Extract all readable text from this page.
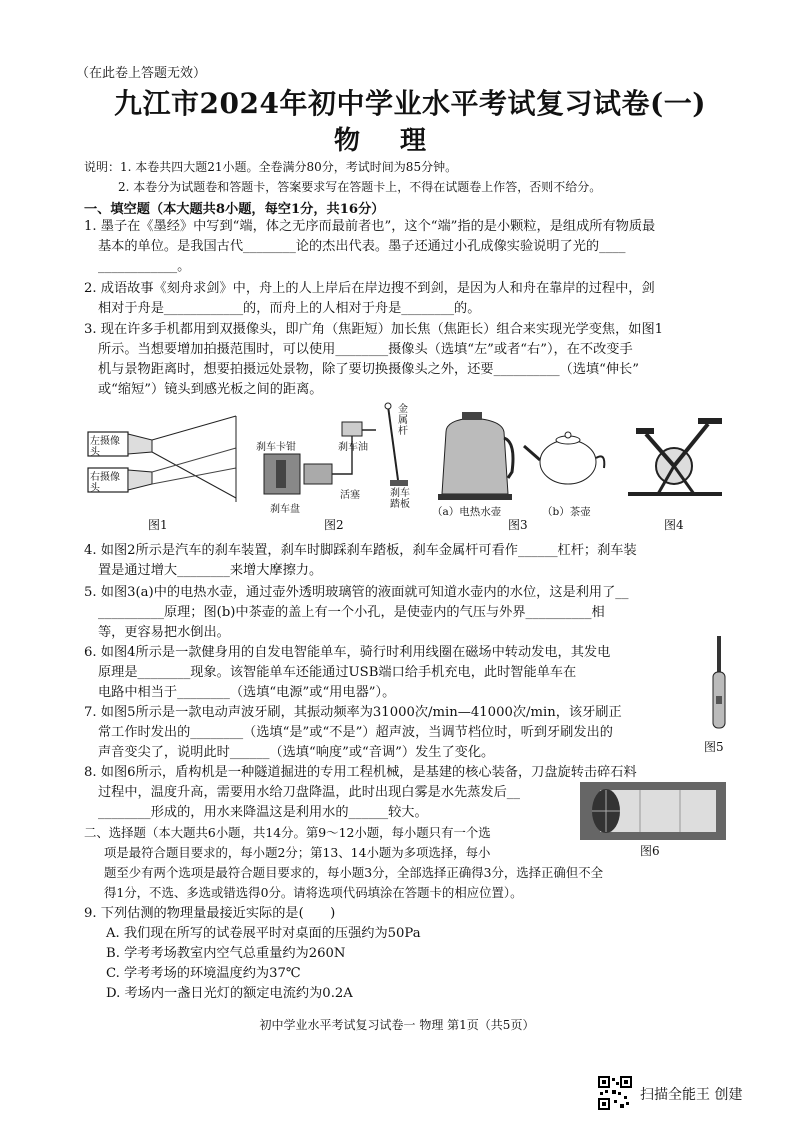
（在此卷上答题无效）
九江市2024年初中学业水平考试复习试卷(一)
物理
说明：1. 本卷共四大题21小题。全卷满分80分，考试时间为85分钟。
2. 本卷分为试题卷和答题卡，答案要求写在答题卡上，不得在试题卷上作答，否则不给分。
一、填空题（本大题共8小题，每空1分，共16分）
1. 墨子在《墨经》中写到“端，体之无序而最前者也”，这个“端”指的是小颗粒，是组成所有物质最
基本的单位。是我国古代________论的杰出代表。墨子还通过小孔成像实验说明了光的____
____________。
2. 成语故事《刻舟求剑》中，舟上的人上岸后在岸边搜不到剑，是因为人和舟在靠岸的过程中，剑
相对于舟是____________的，而舟上的人相对于舟是________的。
3. 现在许多手机都用到双摄像头，即广角（焦距短）加长焦（焦距长）组合来实现光学变焦，如图1
所示。当想要增加拍摄范围时，可以使用________摄像头（选填“左”或者“右”），在不改变手
机与景物距离时，想要拍摄远处景物，除了要切换摄像头之外，还要__________（选填“伸长”
或“缩短”）镜头到感光板之间的距离。
左摄像头
右摄像头
图1
刹车卡钳	刹车油
金属杆
活塞
刹车盘
刹车踏板
图2
（a）电热水壶	（b）茶壶
图3	图4
4. 如图2所示是汽车的刹车装置，刹车时脚踩刹车踏板，刹车金属杆可看作______杠杆；刹车装
置是通过增大________来增大摩擦力。
5. 如图3(a)中的电热水壶，通过壶外透明玻璃管的液面就可知道水壶内的水位，这是利用了__
__________原理；图(b)中茶壶的盖上有一个小孔，是使壶内的气压与外界__________相
等，更容易把水倒出。
6. 如图4所示是一款健身用的自发电智能单车，骑行时利用线圈在磁场中转动发电，其发电
原理是________现象。该智能单车还能通过USB端口给手机充电，此时智能单车在
电路中相当于________（选填“电源”或“用电器”）。
图5
7. 如图5所示是一款电动声波牙刷，其振动频率为31000次/min—41000次/min，该牙刷正
常工作时发出的________（选填“是”或“不是”）超声波，当调节档位时，听到牙刷发出的
声音变尖了，说明此时______（选填“响度”或“音调”）发生了变化。
8. 如图6所示，盾构机是一种隧道掘进的专用工程机械，是基建的核心装备，刀盘旋转击碎石料
过程中，温度升高，需要用水给刀盘降温，此时出现白雾是水先蒸发后__
________形成的，用水来降温这是利用水的______较大。
图6
二、选择题（本大题共6小题，共14分。第9～12小题，每小题只有一个选
项是最符合题目要求的，每小题2分；第13、14小题为多项选择，每小
题至少有两个选项是最符合题目要求的，每小题3分，全部选择正确得3分，选择正确但不全
得1分，不选、多选或错选得0分。请将选项代码填涂在答题卡的相应位置）。
9. 下列估测的物理量最接近实际的是(　　)
A. 我们现在所写的试卷展平时对桌面的压强约为50Pa
B. 学考考场教室内空气总重量约为260N
C. 学考考场的环境温度约为37℃
D. 考场内一盏日光灯的额定电流约为0.2A
初中学业水平考试复习试卷一 物理 第1页（共5页）
扫描全能王 创建
